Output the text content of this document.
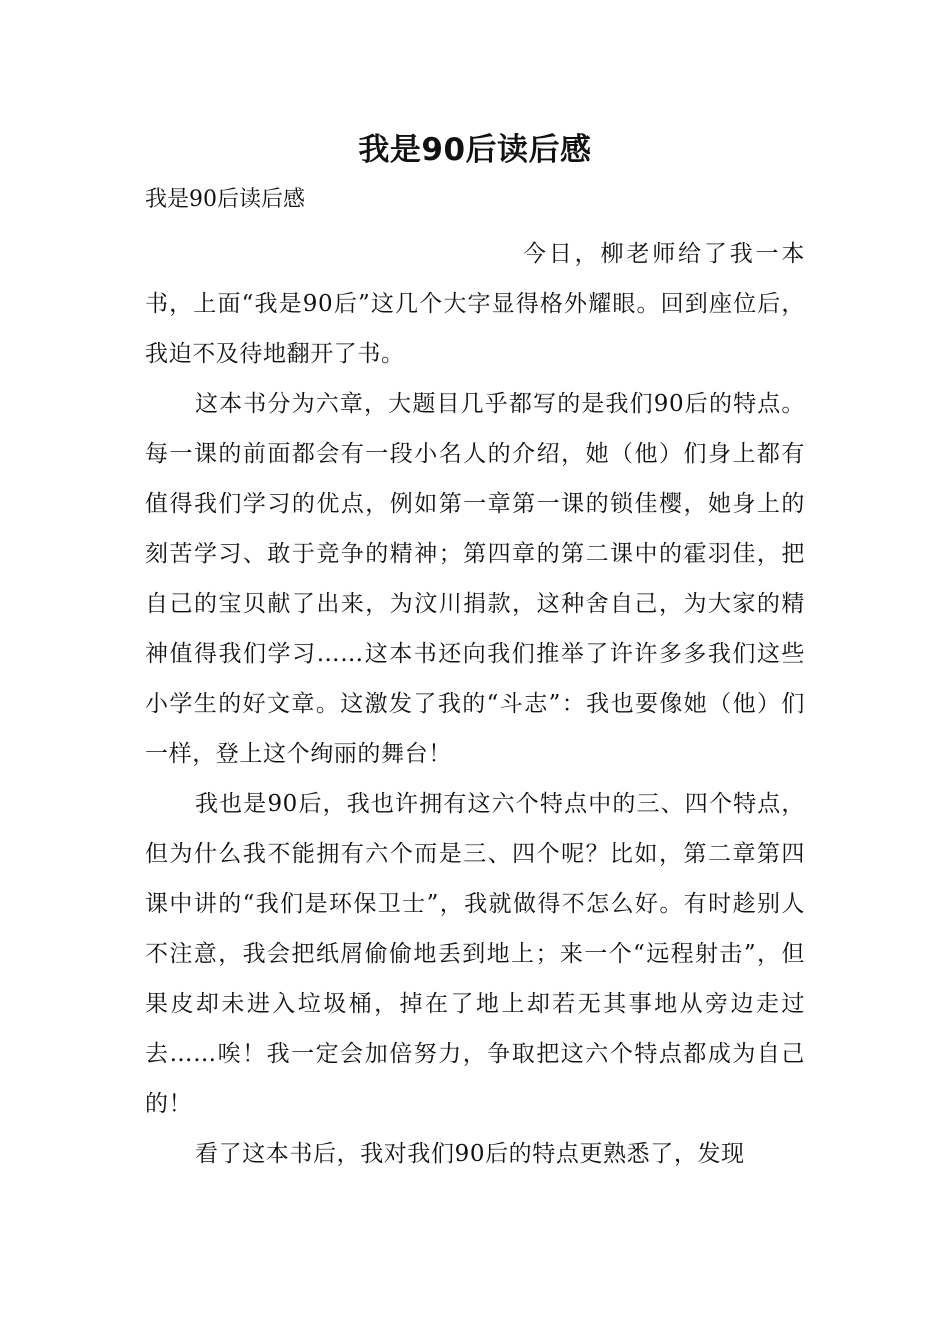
我是90后读后感
我是90后读后感

今日，柳老师给了我一本书，上面“我是90后”这几个大字显得格外耀眼。回到座位后，我迫不及待地翻开了书。

这本书分为六章，大题目几乎都写的是我们90后的特点。每一课的前面都会有一段小名人的介绍，她（他）们身上都有值得我们学习的优点，例如第一章第一课的锁佳樱，她身上的刻苦学习、敢于竞争的精神；第四章的第二课中的霍羽佳，把自己的宝贝献了出来，为汶川捐款，这种舍自己，为大家的精神值得我们学习……这本书还向我们推举了许许多多我们这些小学生的好文章。这激发了我的“斗志”：我也要像她（他）们一样，登上这个绚丽的舞台！

我也是90后，我也许拥有这六个特点中的三、四个特点，但为什么我不能拥有六个而是三、四个呢？比如，第二章第四课中讲的“我们是环保卫士”，我就做得不怎么好。有时趁别人不注意，我会把纸屑偷偷地丢到地上；来一个“远程射击”，但果皮却未进入垃圾桶，掉在了地上却若无其事地从旁边走过去……唉！我一定会加倍努力，争取把这六个特点都成为自己的！

看了这本书后，我对我们90后的特点更熟悉了，发现
